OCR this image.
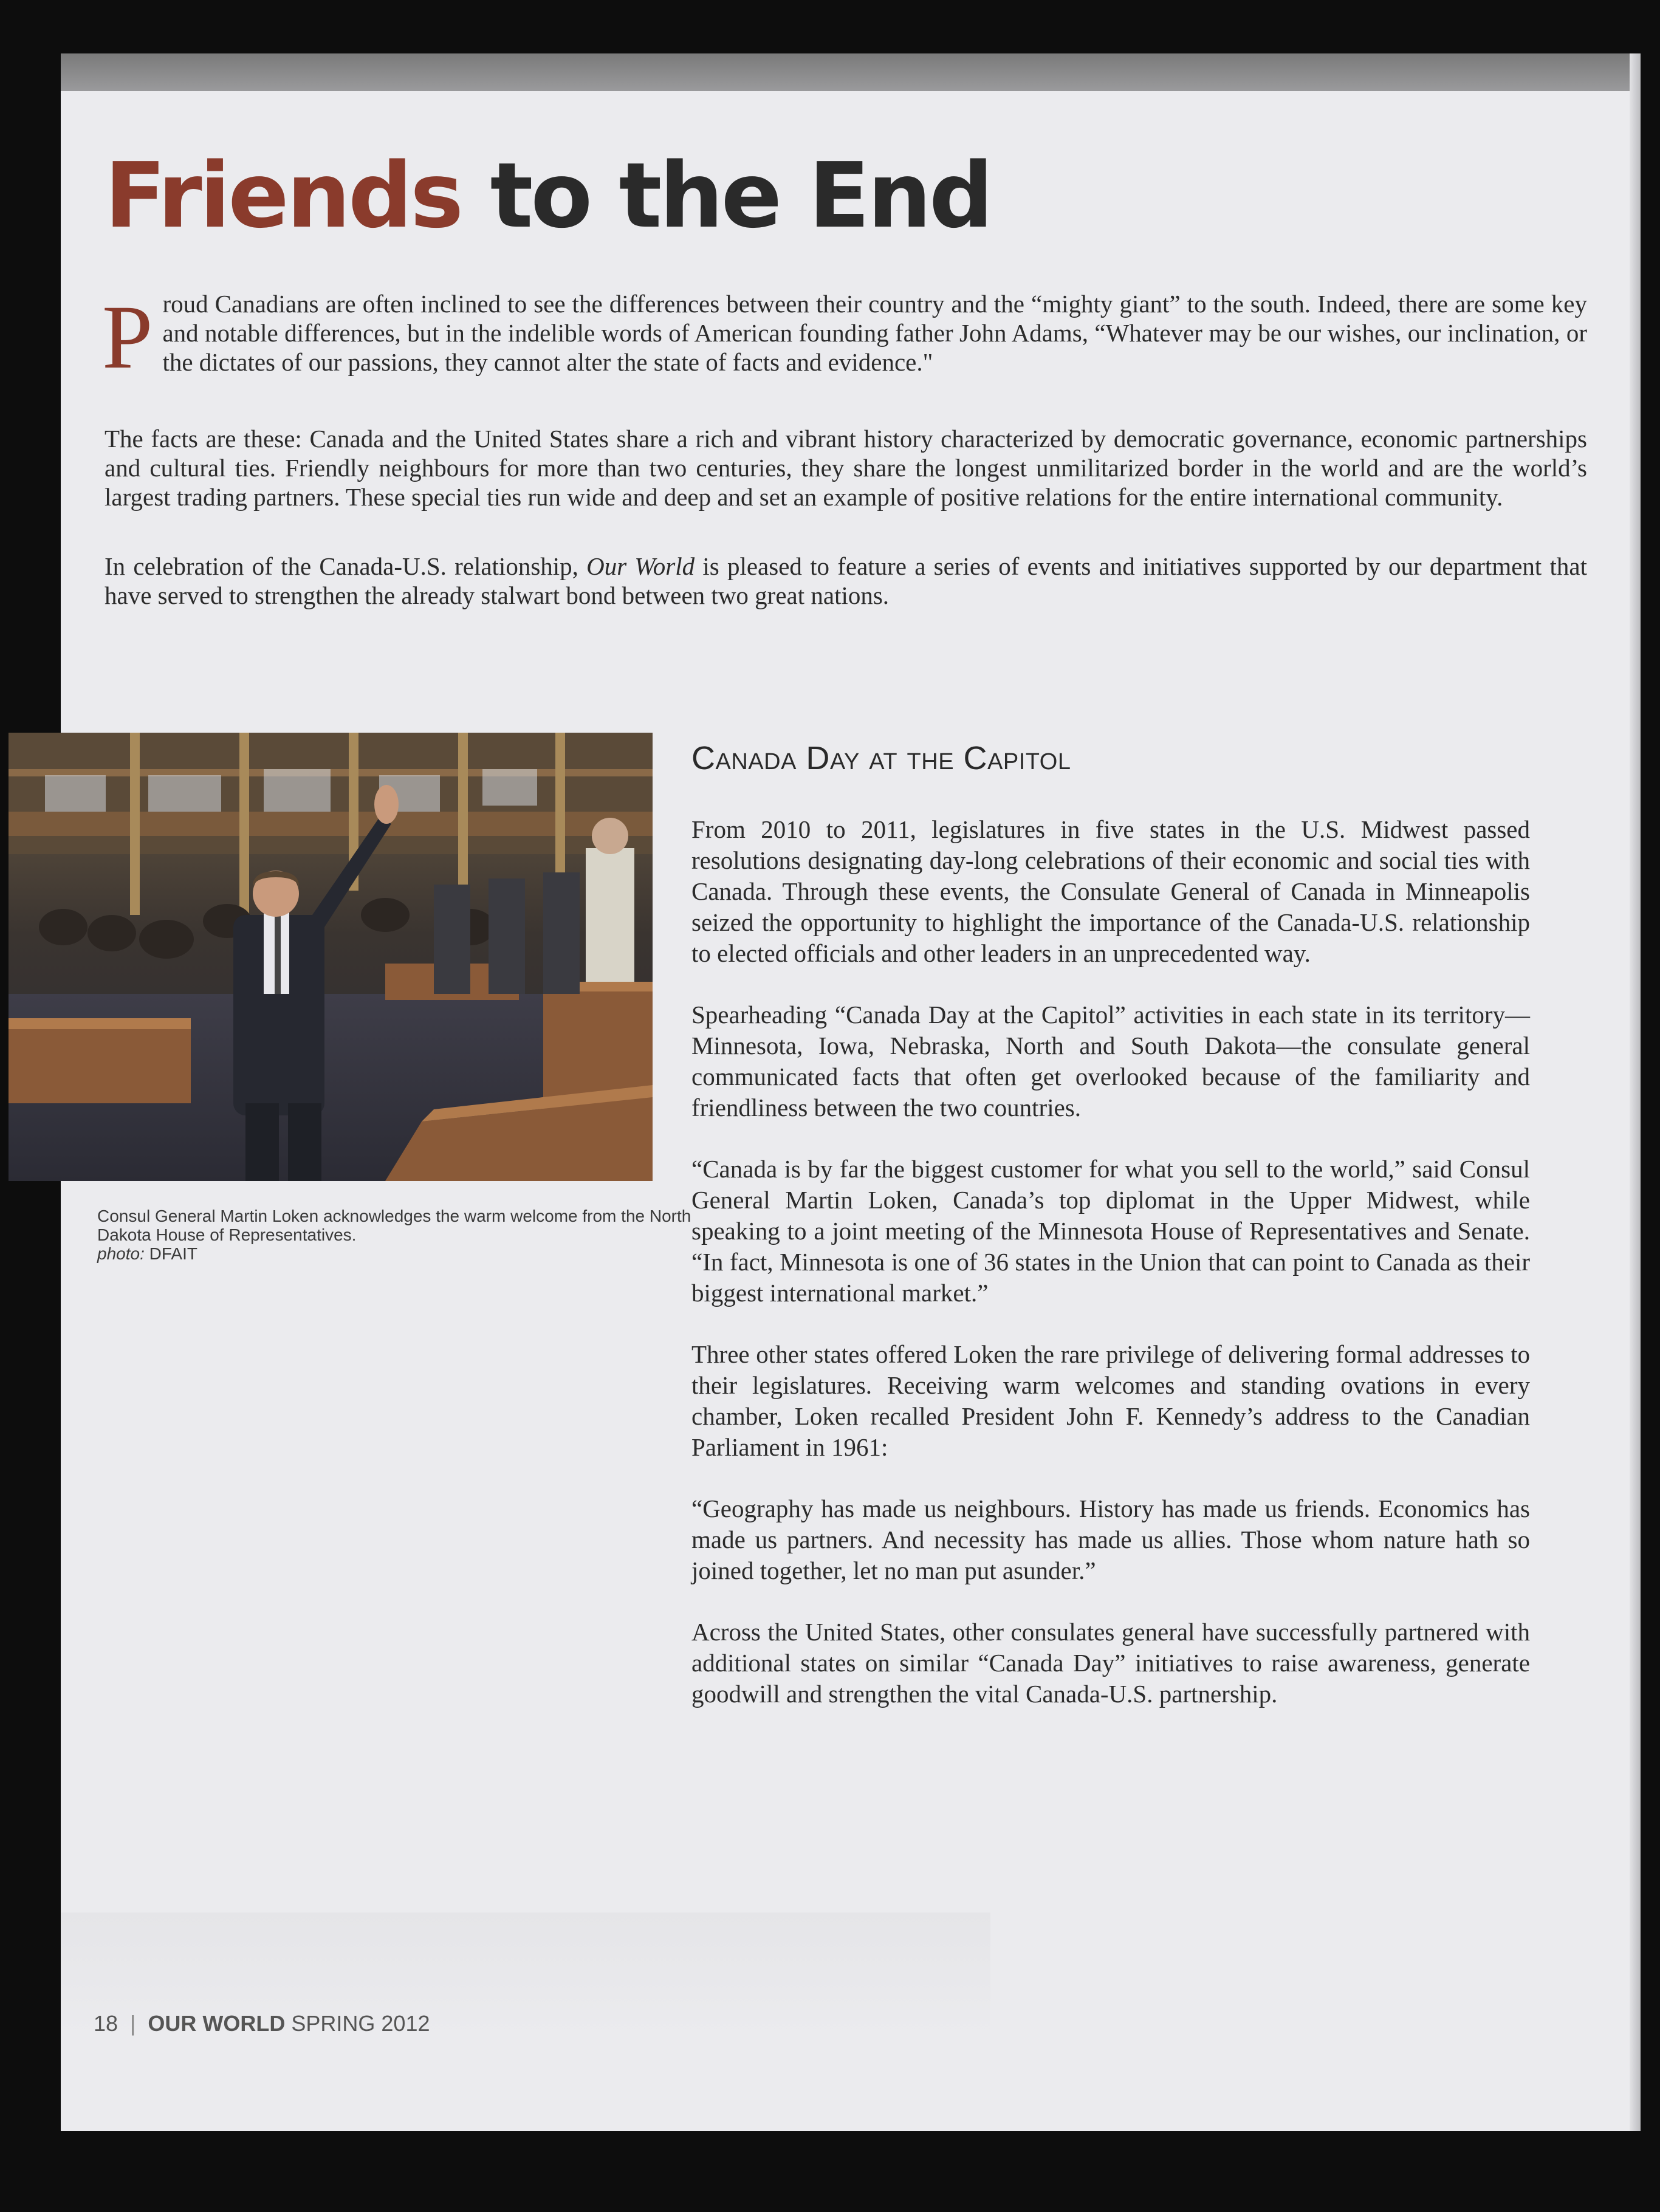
Friends to the End

Proud Canadians are often inclined to see the differences between their country and the “mighty giant” to the south. Indeed, there are some key and notable differences, but in the indelible words of American founding father John Adams, “Whatever may be our wishes, our inclination, or the dictates of our passions, they cannot alter the state of facts and evidence."

The facts are these: Canada and the United States share a rich and vibrant history characterized by democratic governance, economic partnerships and cultural ties. Friendly neighbours for more than two centuries, they share the longest unmilitarized border in the world and are the world’s largest trading partners. These special ties run wide and deep and set an example of positive relations for the entire international community.

In celebration of the Canada-U.S. relationship, Our World is pleased to feature a series of events and initiatives supported by our department that have served to strengthen the already stalwart bond between two great nations.

Consul General Martin Loken acknowledges the warm welcome from the North Dakota House of Representatives.
photo: DFAIT
Canada Day at the Capitol

From 2010 to 2011, legislatures in five states in the U.S. Midwest passed resolutions designating day-long celebrations of their economic and social ties with Canada. Through these events, the Consulate General of Canada in Minneapolis seized the opportunity to highlight the importance of the Canada-U.S. relationship to elected officials and other leaders in an unprecedented way.

Spearheading “Canada Day at the Capitol” activities in each state in its territory—Minnesota, Iowa, Nebraska, North and South Dakota—the consulate general communicated facts that often get overlooked because of the familiarity and friendliness between the two countries.

“Canada is by far the biggest customer for what you sell to the world,” said Consul General Martin Loken, Canada’s top diplomat in the Upper Midwest, while speaking to a joint meeting of the Minnesota House of Representatives and Senate. “In fact, Minnesota is one of 36 states in the Union that can point to Canada as their biggest international market.”

Three other states offered Loken the rare privilege of delivering formal addresses to their legislatures. Receiving warm welcomes and standing ovations in every chamber, Loken recalled President John F. Kennedy’s address to the Canadian Parliament in 1961:

“Geography has made us neighbours. History has made us friends. Economics has made us partners. And necessity has made us allies. Those whom nature hath so joined together, let no man put asunder.”

Across the United States, other consulates general have successfully partnered with additional states on similar “Canada Day” initiatives to raise awareness, generate goodwill and strengthen the vital Canada-U.S. partnership.

18 | OUR WORLD SPRING 2012
